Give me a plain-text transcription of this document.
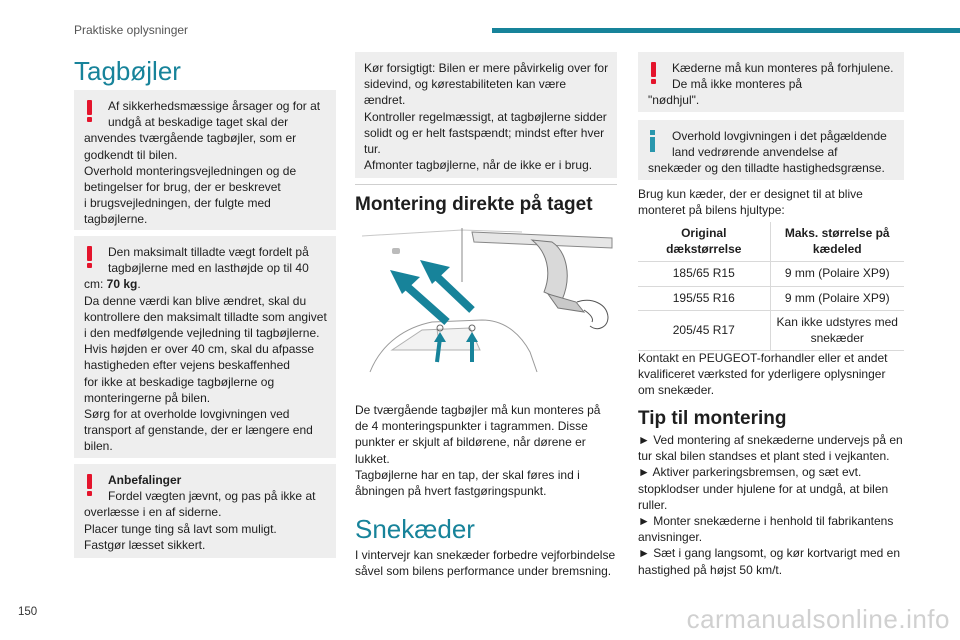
Praktiske oplysninger
150	carmanualsonline.info
Tagbøjler

Af sikkerhedsmæssige årsager og for at undgå at beskadige taget skal der

anvendes tværgående tagbøjler, som er godkendt til bilen.

Overhold monteringsvejledningen og de betingelser for brug, der er beskrevet

i brugsvejledningen, der fulgte med tagbøjlerne.

Den maksimalt tilladte vægt fordelt på tagbøjlerne med en lasthøjde op til 40

cm: 70 kg.

Da denne værdi kan blive ændret, skal du kontrollere den maksimalt tilladte som angivet i den medfølgende vejledning til tagbøjlerne.

Hvis højden er over 40 cm, skal du afpasse hastigheden efter vejens beskaffenhed

for ikke at beskadige tagbøjlerne og monteringerne på bilen.

Sørg for at overholde lovgivningen ved transport af genstande, der er længere end bilen.

Anbefalinger

Fordel vægten jævnt, og pas på ikke at

overlæsse i en af siderne.

Placer tunge ting så lavt som muligt.

Fastgør læsset sikkert.

Kør forsigtigt: Bilen er mere påvirkelig over for sidevind, og kørestabiliteten kan være ændret.

Kontroller regelmæssigt, at tagbøjlerne sidder solidt og er helt fastspændt; mindst efter hver tur.

Afmonter tagbøjlerne, når de ikke er i brug.

Montering direkte på taget

De tværgående tagbøjler må kun monteres på de 4 monteringspunkter i tagrammen. Disse punkter er skjult af bildørene, når dørene er lukket.

Tagbøjlerne har en tap, der skal føres ind i åbningen på hvert fastgøringspunkt.

Snekæder
I vintervejr kan snekæder forbedre vejforbindelse såvel som bilens performance under bremsning.

Kæderne må kun monteres på forhjulene. De må ikke monteres på

"nødhjul".

Overhold lovgivningen i det pågældende land vedrørende anvendelse af

snekæder og den tilladte hastighedsgrænse.

Brug kun kæder, der er designet til at blive monteret på bilens hjultype:
Original dækstørrelse	Maks. størrelse på kædeled
185/65 R15	9 mm (Polaire XP9)
195/55 R16	9 mm (Polaire XP9)
205/45 R17	Kan ikke udstyres med snekæder
Kontakt en PEUGEOT-forhandler eller et andet kvalificeret værksted for yderligere oplysninger om snekæder.
Tip til montering

► Ved montering af snekæderne undervejs på en tur skal bilen standses et plant sted i vejkanten.

► Aktiver parkeringsbremsen, og sæt evt. stopklodser under hjulene for at undgå, at bilen ruller.

► Monter snekæderne i henhold til fabrikantens anvisninger.

► Sæt i gang langsomt, og kør kortvarigt med en hastighed på højst 50 km/t.
